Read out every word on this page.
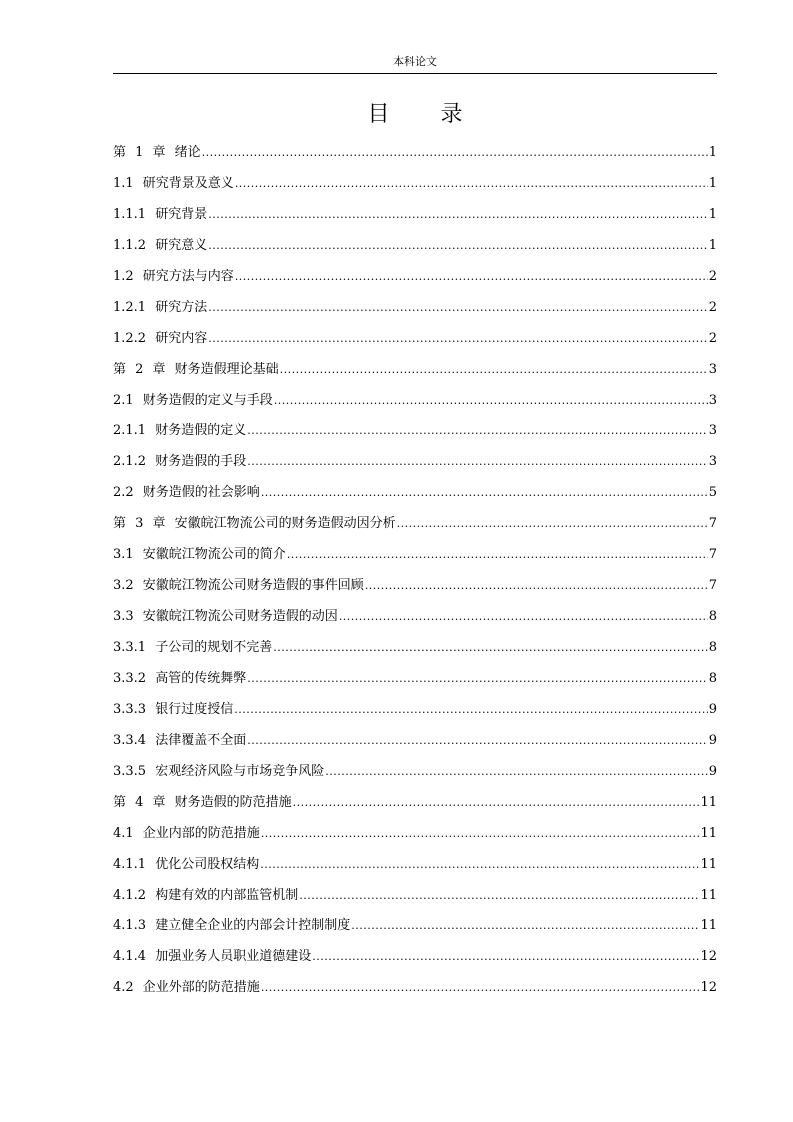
本科论文
目 录
第 1 章 绪论 .....	1
1.1 研究背景及意义 .....	1
1.1.1 研究背景 .....	1
1.1.2 研究意义 .....	1
1.2 研究方法与内容 .....	2
1.2.1 研究方法 .....	2
1.2.2 研究内容 .....	2
第 2 章 财务造假理论基础 .....	3
2.1 财务造假的定义与手段 .....	3
2.1.1 财务造假的定义 .....	3
2.1.2 财务造假的手段 .....	3
2.2 财务造假的社会影响 .....	5
第 3 章 安徽皖江物流公司的财务造假动因分析 .....	7
3.1 安徽皖江物流公司的简介 .....	7
3.2 安徽皖江物流公司财务造假的事件回顾 .....	7
3.3 安徽皖江物流公司财务造假的动因 .....	8
3.3.1 子公司的规划不完善 .....	8
3.3.2 高管的传统舞弊 .....	8
3.3.3 银行过度授信 .....	9
3.3.4 法律覆盖不全面 .....	9
3.3.5 宏观经济风险与市场竞争风险 .....	9
第 4 章 财务造假的防范措施 .....	11
4.1 企业内部的防范措施 .....	11
4.1.1 优化公司股权结构 .....	11
4.1.2 构建有效的内部监管机制 .....	11
4.1.3 建立健全企业的内部会计控制制度 .....	11
4.1.4 加强业务人员职业道德建设 .....	12
4.2 企业外部的防范措施 .....	12
